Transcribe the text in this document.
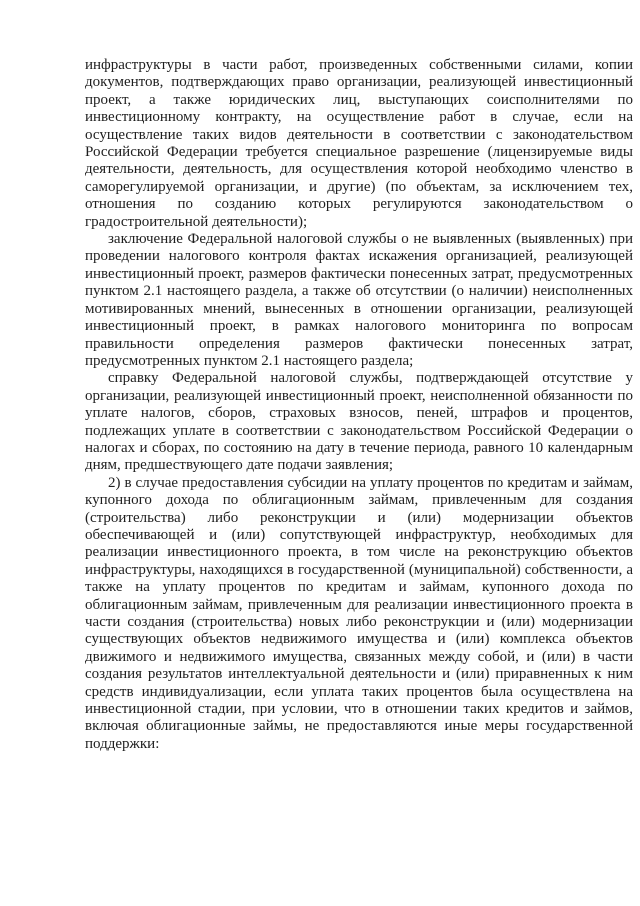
инфраструктуры в части работ, произведенных собственными силами, копии документов, подтверждающих право организации, реализующей инвестиционный проект, а также юридических лиц, выступающих соисполнителями по инвестиционному контракту, на осуществление работ в случае, если на осуществление таких видов деятельности в соответствии с законодательством Российской Федерации требуется специальное разрешение (лицензируемые виды деятельности, деятельность, для осуществления которой необходимо членство в саморегулируемой организации, и другие) (по объектам, за исключением тех, отношения по созданию которых регулируются законодательством о градостроительной деятельности);

заключение Федеральной налоговой службы о не выявленных (выявленных) при проведении налогового контроля фактах искажения организацией, реализующей инвестиционный проект, размеров фактически понесенных затрат, предусмотренных пунктом 2.1 настоящего раздела, а также об отсутствии (о наличии) неисполненных мотивированных мнений, вынесенных в отношении организации, реализующей инвестиционный проект, в рамках налогового мониторинга по вопросам правильности определения размеров фактически понесенных затрат, предусмотренных пунктом 2.1 настоящего раздела;

справку Федеральной налоговой службы, подтверждающей отсутствие у организации, реализующей инвестиционный проект, неисполненной обязанности по уплате налогов, сборов, страховых взносов, пеней, штрафов и процентов, подлежащих уплате в соответствии с законодательством Российской Федерации о налогах и сборах, по состоянию на дату в течение периода, равного 10 календарным дням, предшествующего дате подачи заявления;

2) в случае предоставления субсидии на уплату процентов по кредитам и займам, купонного дохода по облигационным займам, привлеченным для создания (строительства) либо реконструкции и (или) модернизации объектов обеспечивающей и (или) сопутствующей инфраструктур, необходимых для реализации инвестиционного проекта, в том числе на реконструкцию объектов инфраструктуры, находящихся в государственной (муниципальной) собственности, а также на уплату процентов по кредитам и займам, купонного дохода по облигационным займам, привлеченным для реализации инвестиционного проекта в части создания (строительства) новых либо реконструкции и (или) модернизации существующих объектов недвижимого имущества и (или) комплекса объектов движимого и недвижимого имущества, связанных между собой, и (или) в части создания результатов интеллектуальной деятельности и (или) приравненных к ним средств индивидуализации, если уплата таких процентов была осуществлена на инвестиционной стадии, при условии, что в отношении таких кредитов и займов, включая облигационные займы, не предоставляются иные меры государственной поддержки:
